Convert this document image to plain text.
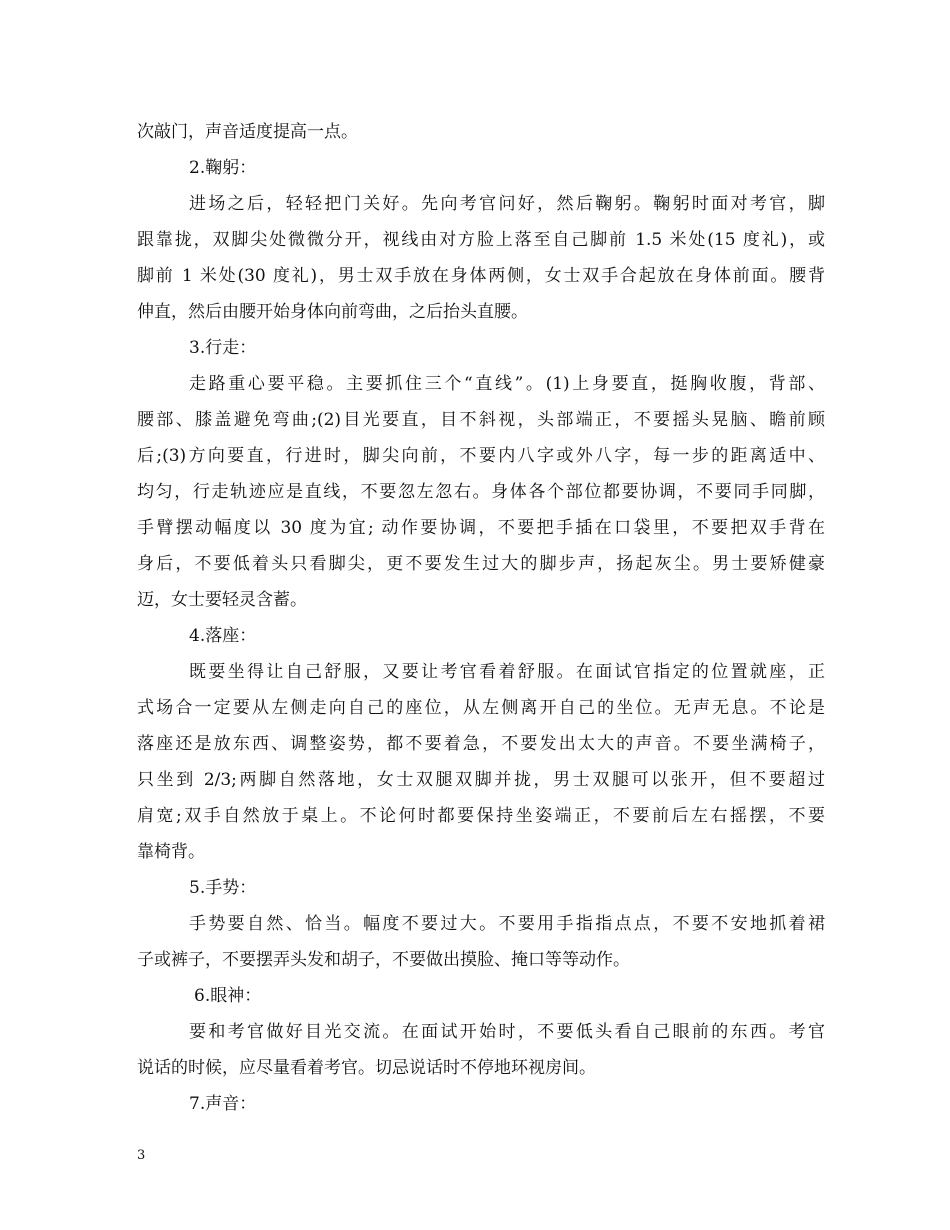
次敲门，声音适度提高一点。
2.鞠躬：
进场之后，轻轻把门关好。先向考官问好，然后鞠躬。鞠躬时面对考官，脚
跟靠拢，双脚尖处微微分开，视线由对方脸上落至自己脚前 1.5 米处(15 度礼)，或
脚前 1 米处(30 度礼)，男士双手放在身体两侧，女士双手合起放在身体前面。腰背
伸直，然后由腰开始身体向前弯曲，之后抬头直腰。
3.行走：
走路重心要平稳。主要抓住三个“直线”。(1)上身要直，挺胸收腹，背部、
腰部、膝盖避免弯曲;(2)目光要直，目不斜视，头部端正，不要摇头晃脑、瞻前顾
后;(3)方向要直，行进时，脚尖向前，不要内八字或外八字，每一步的距离适中、
均匀，行走轨迹应是直线，不要忽左忽右。身体各个部位都要协调，不要同手同脚，
手臂摆动幅度以 30 度为宜; 动作要协调，不要把手插在口袋里，不要把双手背在
身后，不要低着头只看脚尖，更不要发生过大的脚步声，扬起灰尘。男士要矫健豪
迈，女士要轻灵含蓄。
4.落座：
既要坐得让自己舒服，又要让考官看着舒服。在面试官指定的位置就座，正
式场合一定要从左侧走向自己的座位，从左侧离开自己的坐位。无声无息。不论是
落座还是放东西、调整姿势，都不要着急，不要发出太大的声音。不要坐满椅子，
只坐到 2/3;两脚自然落地，女士双腿双脚并拢，男士双腿可以张开，但不要超过
肩宽;双手自然放于桌上。不论何时都要保持坐姿端正，不要前后左右摇摆，不要
靠椅背。
5.手势：
手势要自然、恰当。幅度不要过大。不要用手指指点点，不要不安地抓着裙
子或裤子，不要摆弄头发和胡子，不要做出摸脸、掩口等等动作。
6.眼神：
要和考官做好目光交流。在面试开始时，不要低头看自己眼前的东西。考官
说话的时候，应尽量看着考官。切忌说话时不停地环视房间。
7.声音：
3
